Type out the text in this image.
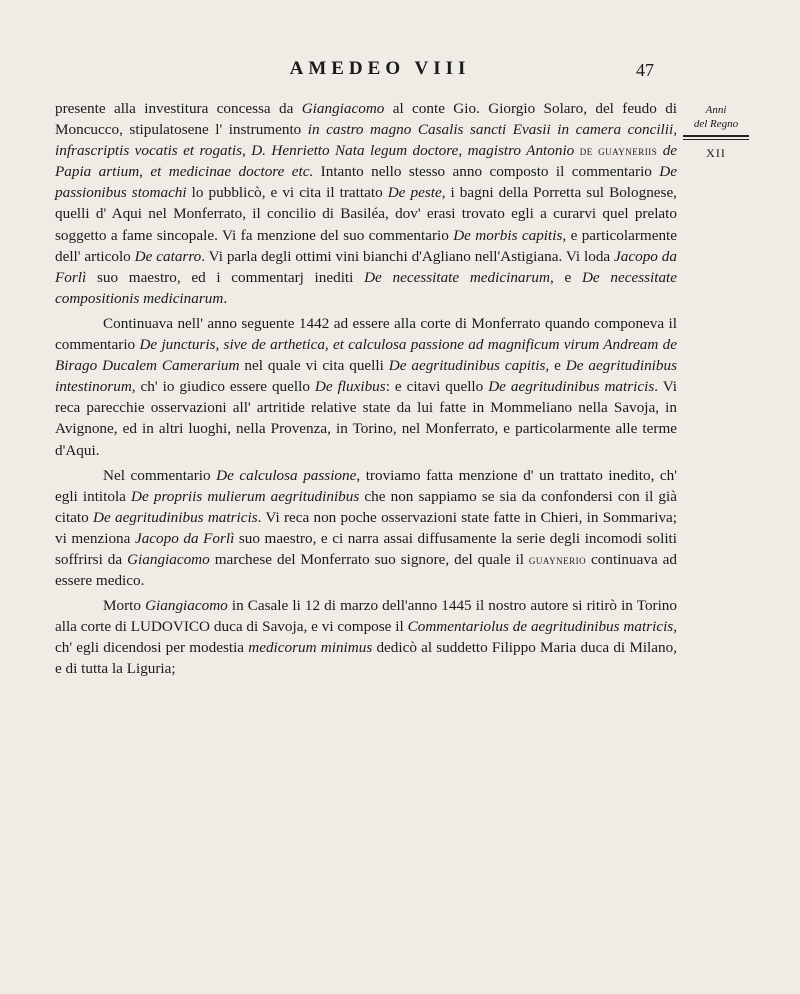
AMEDEO VIII	47
Anni
del Regno
XII

presente alla investitura concessa da Giangiacomo al conte Gio. Giorgio Solaro, del feudo di Moncucco, stipulatosene l' instrumento in castro magno Casalis sancti Evasii in camera concilii, infrascriptis vocatis et rogatis, D. Henrietto Nata legum doctore, magistro Antonio de guayneriis de Papia artium, et medicinae doctore etc. Intanto nello stesso anno composto il commentario De passionibus stomachi lo pubblicò, e vi cita il trattato De peste, i bagni della Porretta sul Bolognese, quelli d' Aqui nel Monferrato, il concilio di Basiléa, dov' erasi trovato egli a curarvi quel prelato soggetto a fame sincopale. Vi fa menzione del suo commentario De morbis capitis, e particolarmente dell' articolo De catarro. Vi parla degli ottimi vini bianchi d'Agliano nell'Astigiana. Vi loda Jacopo da Forlì suo maestro, ed i commentarj inediti De necessitate medicinarum, e De necessitate compositionis medicinarum.

Continuava nell' anno seguente 1442 ad essere alla corte di Monferrato quando componeva il commentario De juncturis, sive de arthetica, et calculosa passione ad magnificum virum Andream de Birago Ducalem Camerarium nel quale vi cita quelli De aegritudinibus capitis, e De aegritudinibus intestinorum, ch' io giudico essere quello De fluxibus: e citavi quello De aegritudinibus matricis. Vi reca parecchie osservazioni all' artritide relative state da lui fatte in Mommeliano nella Savoja, in Avignone, ed in altri luoghi, nella Provenza, in Torino, nel Monferrato, e particolarmente alle terme d'Aqui.

Nel commentario De calculosa passione, troviamo fatta menzione d' un trattato inedito, ch' egli intitola De propriis mulierum aegritudinibus che non sappiamo se sia da confondersi con il già citato De aegritudinibus matricis. Vi reca non poche osservazioni state fatte in Chieri, in Sommariva; vi menziona Jacopo da Forlì suo maestro, e ci narra assai diffusamente la serie degli incomodi soliti soffrirsi da Giangiacomo marchese del Monferrato suo signore, del quale il guaynerio continuava ad essere medico.

Morto Giangiacomo in Casale li 12 di marzo dell'anno 1445 il nostro autore si ritirò in Torino alla corte di LUDOVICO duca di Savoja, e vi compose il Commentariolus de aegritudinibus matricis, ch' egli dicendosi per modestia medicorum minimus dedicò al suddetto Filippo Maria duca di Milano, e di tutta la Liguria;
